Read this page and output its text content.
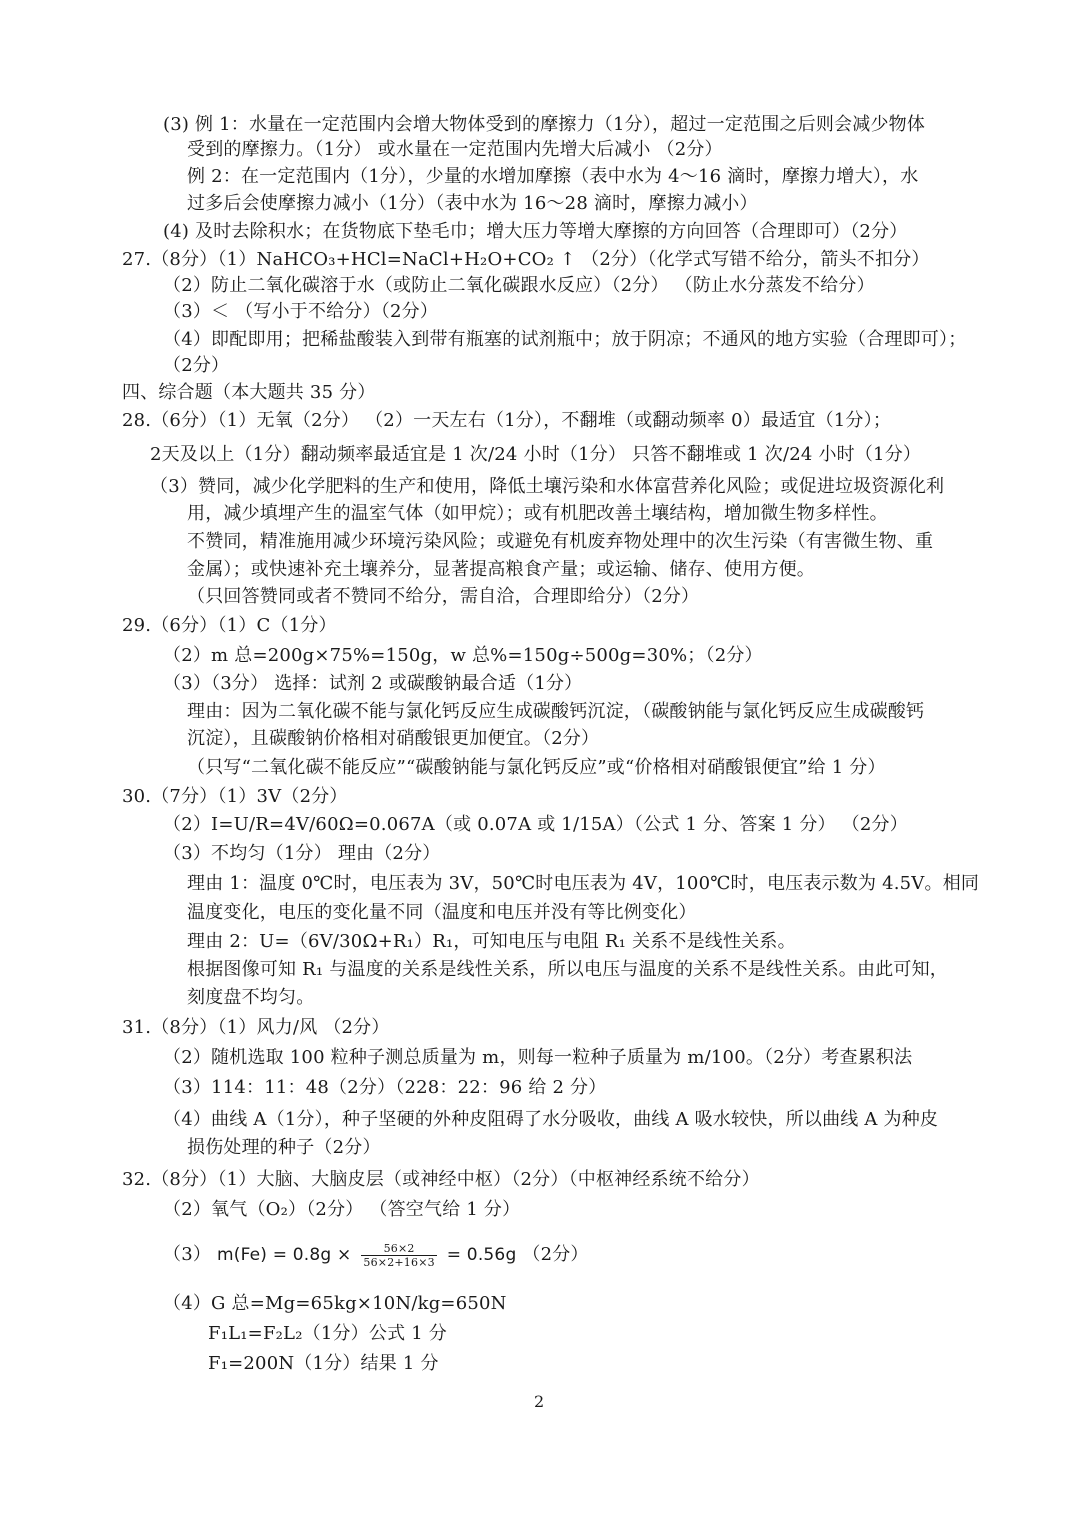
(3) 例 1：水量在一定范围内会增大物体受到的摩擦力（1分），超过一定范围之后则会减少物体
受到的摩擦力。（1分） 或水量在一定范围内先增大后减小 （2分）
例 2：在一定范围内（1分），少量的水增加摩擦（表中水为 4～16 滴时，摩擦力增大），水
过多后会使摩擦力减小（1分）（表中水为 16～28 滴时，摩擦力减小）
(4) 及时去除积水；在货物底下垫毛巾；增大压力等增大摩擦的方向回答（合理即可）（2分）
27.（8分）（1）NaHCO₃+HCl=NaCl+H₂O+CO₂ ↑ （2分）（化学式写错不给分，箭头不扣分）
（2）防止二氧化碳溶于水（或防止二氧化碳跟水反应）（2分） （防止水分蒸发不给分）
（3）＜ （写小于不给分）（2分）
（4）即配即用；把稀盐酸装入到带有瓶塞的试剂瓶中；放于阴凉；不通风的地方实验（合理即可）；
（2分）
四、综合题（本大题共 35 分）
28.（6分）（1）无氧（2分） （2）一天左右（1分），不翻堆（或翻动频率 0）最适宜（1分）；
2天及以上（1分）翻动频率最适宜是 1 次/24 小时（1分） 只答不翻堆或 1 次/24 小时（1分）
（3）赞同，减少化学肥料的生产和使用，降低土壤污染和水体富营养化风险；或促进垃圾资源化利
用，减少填埋产生的温室气体（如甲烷）；或有机肥改善土壤结构，增加微生物多样性。
不赞同，精准施用减少环境污染风险；或避免有机废弃物处理中的次生污染（有害微生物、重
金属）；或快速补充土壤养分，显著提高粮食产量；或运输、储存、使用方便。
（只回答赞同或者不赞同不给分，需自洽，合理即给分）（2分）
29.（6分）（1）C（1分）
（2）m 总=200g×75%=150g，w 总%=150g÷500g=30%；（2分）
（3）（3分） 选择：试剂 2 或碳酸钠最合适（1分）
理由：因为二氧化碳不能与氯化钙反应生成碳酸钙沉淀，（碳酸钠能与氯化钙反应生成碳酸钙
沉淀），且碳酸钠价格相对硝酸银更加便宜。（2分）
（只写“二氧化碳不能反应”“碳酸钠能与氯化钙反应”或“价格相对硝酸银便宜”给 1 分）
30.（7分）（1）3V（2分）
（2）I=U/R=4V/60Ω=0.067A（或 0.07A 或 1/15A）（公式 1 分、答案 1 分） （2分）
（3）不均匀（1分） 理由（2分）
理由 1：温度 0℃时，电压表为 3V，50℃时电压表为 4V，100℃时，电压表示数为 4.5V。相同
温度变化，电压的变化量不同（温度和电压并没有等比例变化）
理由 2：U=（6V/30Ω+R₁）R₁，可知电压与电阻 R₁ 关系不是线性关系。
根据图像可知 R₁ 与温度的关系是线性关系，所以电压与温度的关系不是线性关系。由此可知，
刻度盘不均匀。
31.（8分）（1）风力/风 （2分）
（2）随机选取 100 粒种子测总质量为 m，则每一粒种子质量为 m/100。（2分）考查累积法
（3）114：11：48（2分）（228：22：96 给 2 分）
（4）曲线 A（1分），种子坚硬的外种皮阻碍了水分吸收，曲线 A 吸水较快，所以曲线 A 为种皮
损伤处理的种子（2分）
32.（8分）（1）大脑、大脑皮层（或神经中枢）（2分）（中枢神经系统不给分）
（2）氧气（O₂）（2分） （答空气给 1 分）
（3） $m(Fe) = 0.8g \times \frac{56\times 2}{56\times 2+16\times 3} = 0.56g$ （2分）
（4）G 总=Mg=65kg×10N/kg=650N
F₁L₁=F₂L₂（1分）公式 1 分
F₁=200N（1分）结果 1 分
2
